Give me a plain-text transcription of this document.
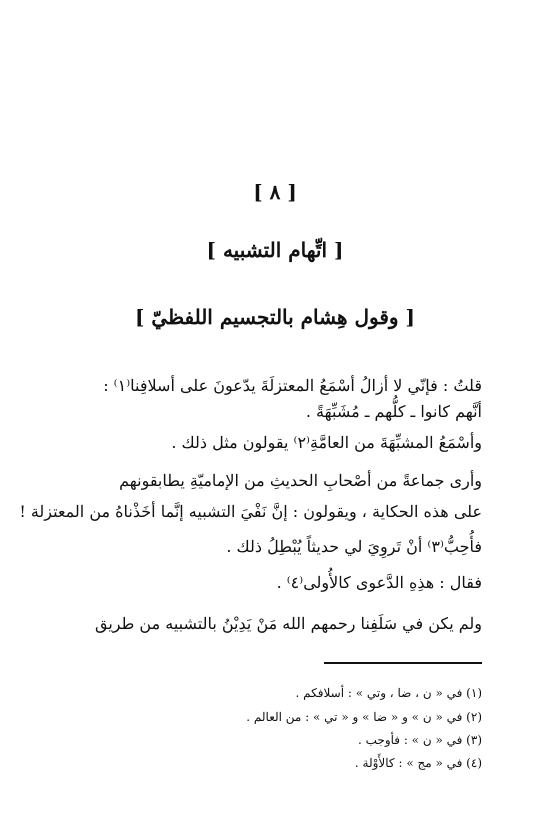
[ ٨ ]
[ اتِّهام التشبيه ]
[ وقول هِشام بالتجسيم اللفظيّ ]
قلتُ : فإنّي لا أزالُ أسْمَعُ المعتزلَةَ يدّعونَ على أسلافِنا⁽١⁾ :
أنَّهم كانوا ـ كلُّهم ـ مُشَبِّهَةً .
وأسْمَعُ المشبِّهَةَ من العامَّةِ⁽٢⁾ يقولون مثل ذلك .
وأرى جماعةً من أصْحابِ الحديثِ من الإماميّةِ يطابقونهم
على هذه الحكاية ، ويقولون : إنَّ نَفْيَ التشبيه إنَّما أخَذْناهُ من المعتزلة !
فأُحِبُّ⁽٣⁾ أنْ تَروِيَ لي حديثاً يُبْطِلُ ذلك .
فقال : هذِهِ الدَّعوى كالأُولى⁽٤⁾ .
ولم يكن في سَلَفِنا رحمهم الله مَنْ يَدِيْنُ بالتشبيه من طريق
(١) في « ن ، ضا ، وتي » : أسلافكم .
(٢) في « ن » و « ضا » و « تي » : من العالم .
(٣) في « ن » : فأوجب .
(٤) في « مج » : كالأَوْلة .
